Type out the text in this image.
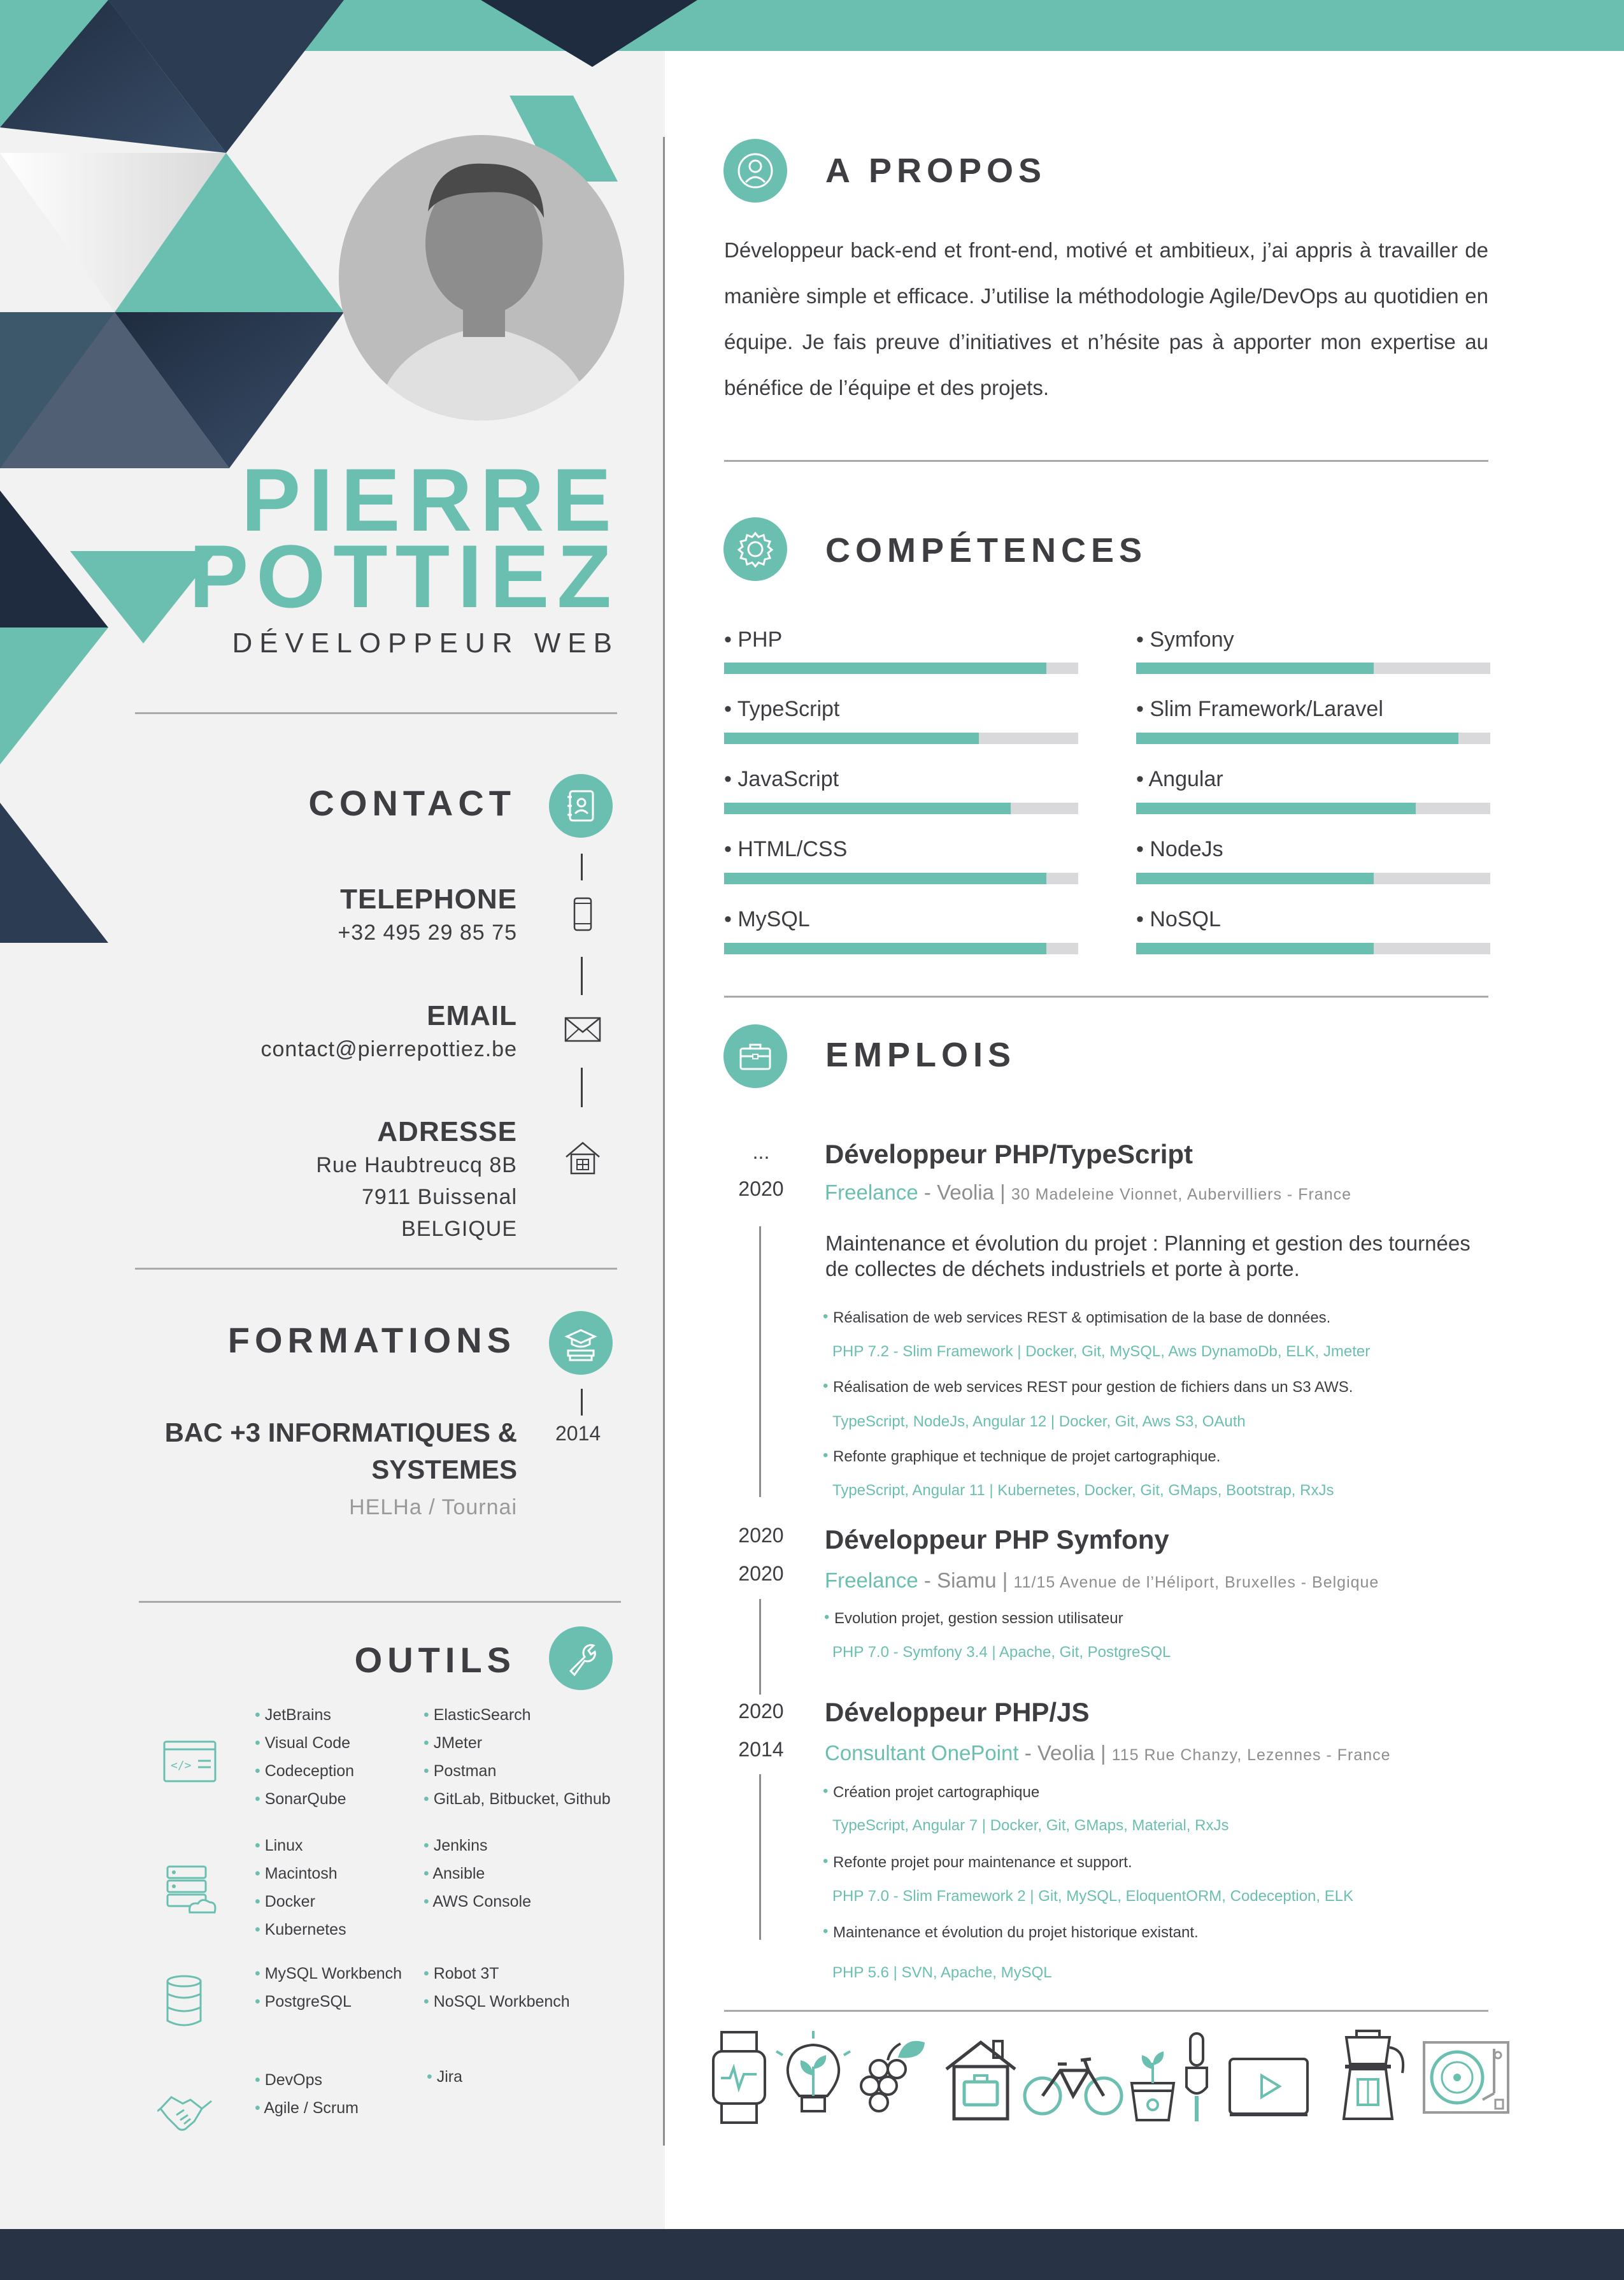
PIERRE
POTTIEZ
DÉVELOPPEUR WEB
CONTACT
TELEPHONE
+32 495 29 85 75
EMAIL
contact@pierrepottiez.be
ADRESSE
Rue Haubtreucq 8B
7911 Buissenal
BELGIQUE
FORMATIONS
BAC +3 INFORMATIQUES & SYSTEMES
HELHa / Tournai
2014
OUTILS
</>
• JetBrains
• Visual Code
• Codeception
• SonarQube
• ElasticSearch
• JMeter
• Postman
• GitLab, Bitbucket, Github
• Linux
• Macintosh
• Docker
• Kubernetes
• Jenkins
• Ansible
• AWS Console
• MySQL Workbench
• PostgreSQL
• Robot 3T
• NoSQL Workbench
• DevOps
• Agile / Scrum
• Jira
A PROPOS
Développeur back-end et front-end, motivé et ambitieux, j’ai appris à travailler de manière simple et efficace. J’utilise la méthodologie Agile/DevOps au quotidien en équipe. Je fais preuve d’initiatives et n’hésite pas à apporter mon expertise au bénéfice de l’équipe et des projets.
COMPÉTENCES
• PHP
• TypeScript
• JavaScript
• HTML/CSS
• MySQL
• Symfony
• Slim Framework/Laravel
• Angular
• NodeJs
• NoSQL
EMPLOIS
...
2020
Développeur PHP/TypeScript
Freelance - Veolia | 30 Madeleine Vionnet, Aubervilliers - France
Maintenance et évolution du projet : Planning et gestion des tournées de collectes de déchets industriels et porte à porte.
• Réalisation de web services REST & optimisation de la base de données.
PHP 7.2 - Slim Framework | Docker, Git, MySQL, Aws DynamoDb, ELK, Jmeter
• Réalisation de web services REST pour gestion de fichiers dans un S3 AWS.
TypeScript, NodeJs, Angular 12 | Docker, Git, Aws S3, OAuth
• Refonte graphique et technique de projet cartographique.
TypeScript, Angular 11 | Kubernetes, Docker, Git, GMaps, Bootstrap, RxJs
2020
2020
Développeur PHP Symfony
Freelance - Siamu | 11/15 Avenue de l’Héliport, Bruxelles - Belgique
• Evolution projet, gestion session utilisateur
PHP 7.0 - Symfony 3.4 | Apache, Git, PostgreSQL
2020
2014
Développeur PHP/JS
Consultant OnePoint - Veolia | 115 Rue Chanzy, Lezennes - France
• Création projet cartographique
TypeScript, Angular 7 | Docker, Git, GMaps, Material, RxJs
• Refonte projet pour maintenance et support.
PHP 7.0 - Slim Framework 2 | Git, MySQL, EloquentORM, Codeception, ELK
• Maintenance et évolution du projet historique existant.
PHP 5.6 | SVN, Apache, MySQL
